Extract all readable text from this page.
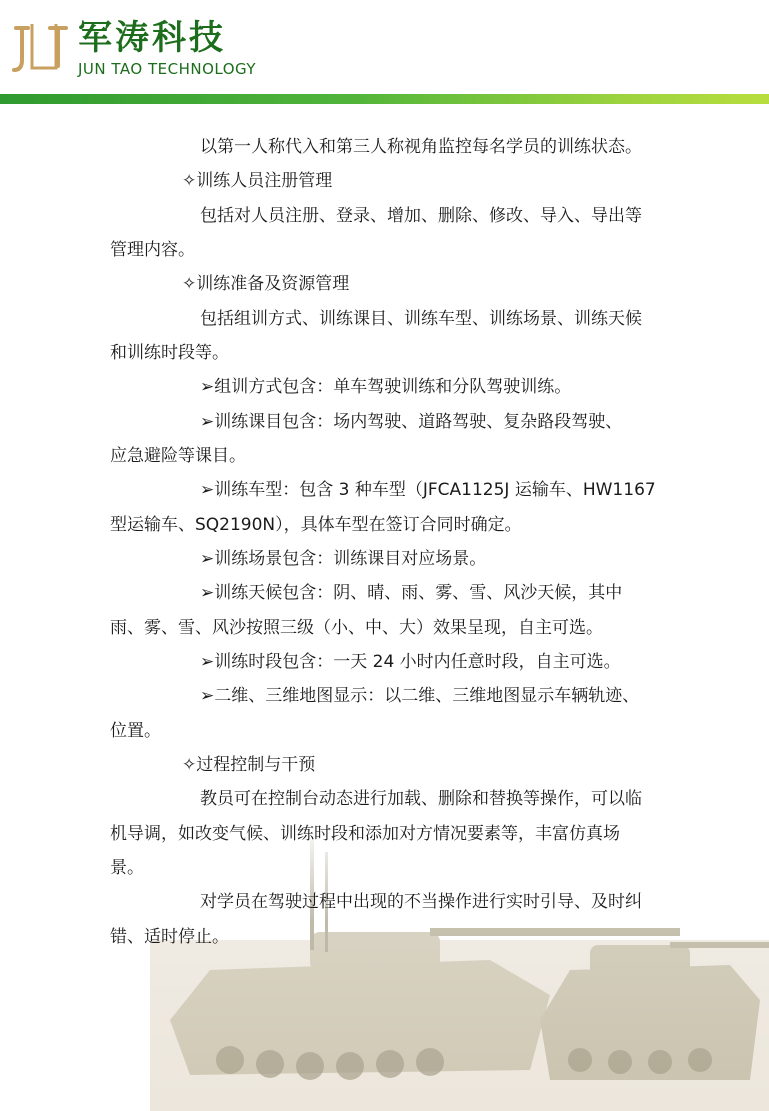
军涛科技
JUN TAO TECHNOLOGY
以第一人称代入和第三人称视角监控每名学员的训练状态。
✧训练人员注册管理
包括对人员注册、登录、增加、删除、修改、导入、导出等
管理内容。
✧训练准备及资源管理
包括组训方式、训练课目、训练车型、训练场景、训练天候
和训练时段等。
➢组训方式包含：单车驾驶训练和分队驾驶训练。
➢训练课目包含：场内驾驶、道路驾驶、复杂路段驾驶、
应急避险等课目。
➢训练车型：包含 3 种车型（JFCA1125J 运输车、HW1167
型运输车、SQ2190N），具体车型在签订合同时确定。
➢训练场景包含：训练课目对应场景。
➢训练天候包含：阴、晴、雨、雾、雪、风沙天候，其中
雨、雾、雪、风沙按照三级（小、中、大）效果呈现，自主可选。
➢训练时段包含：一天 24 小时内任意时段，自主可选。
➢二维、三维地图显示：以二维、三维地图显示车辆轨迹、
位置。
✧过程控制与干预
教员可在控制台动态进行加载、删除和替换等操作，可以临
机导调，如改变气候、训练时段和添加对方情况要素等，丰富仿真场
景。
对学员在驾驶过程中出现的不当操作进行实时引导、及时纠
错、适时停止。
